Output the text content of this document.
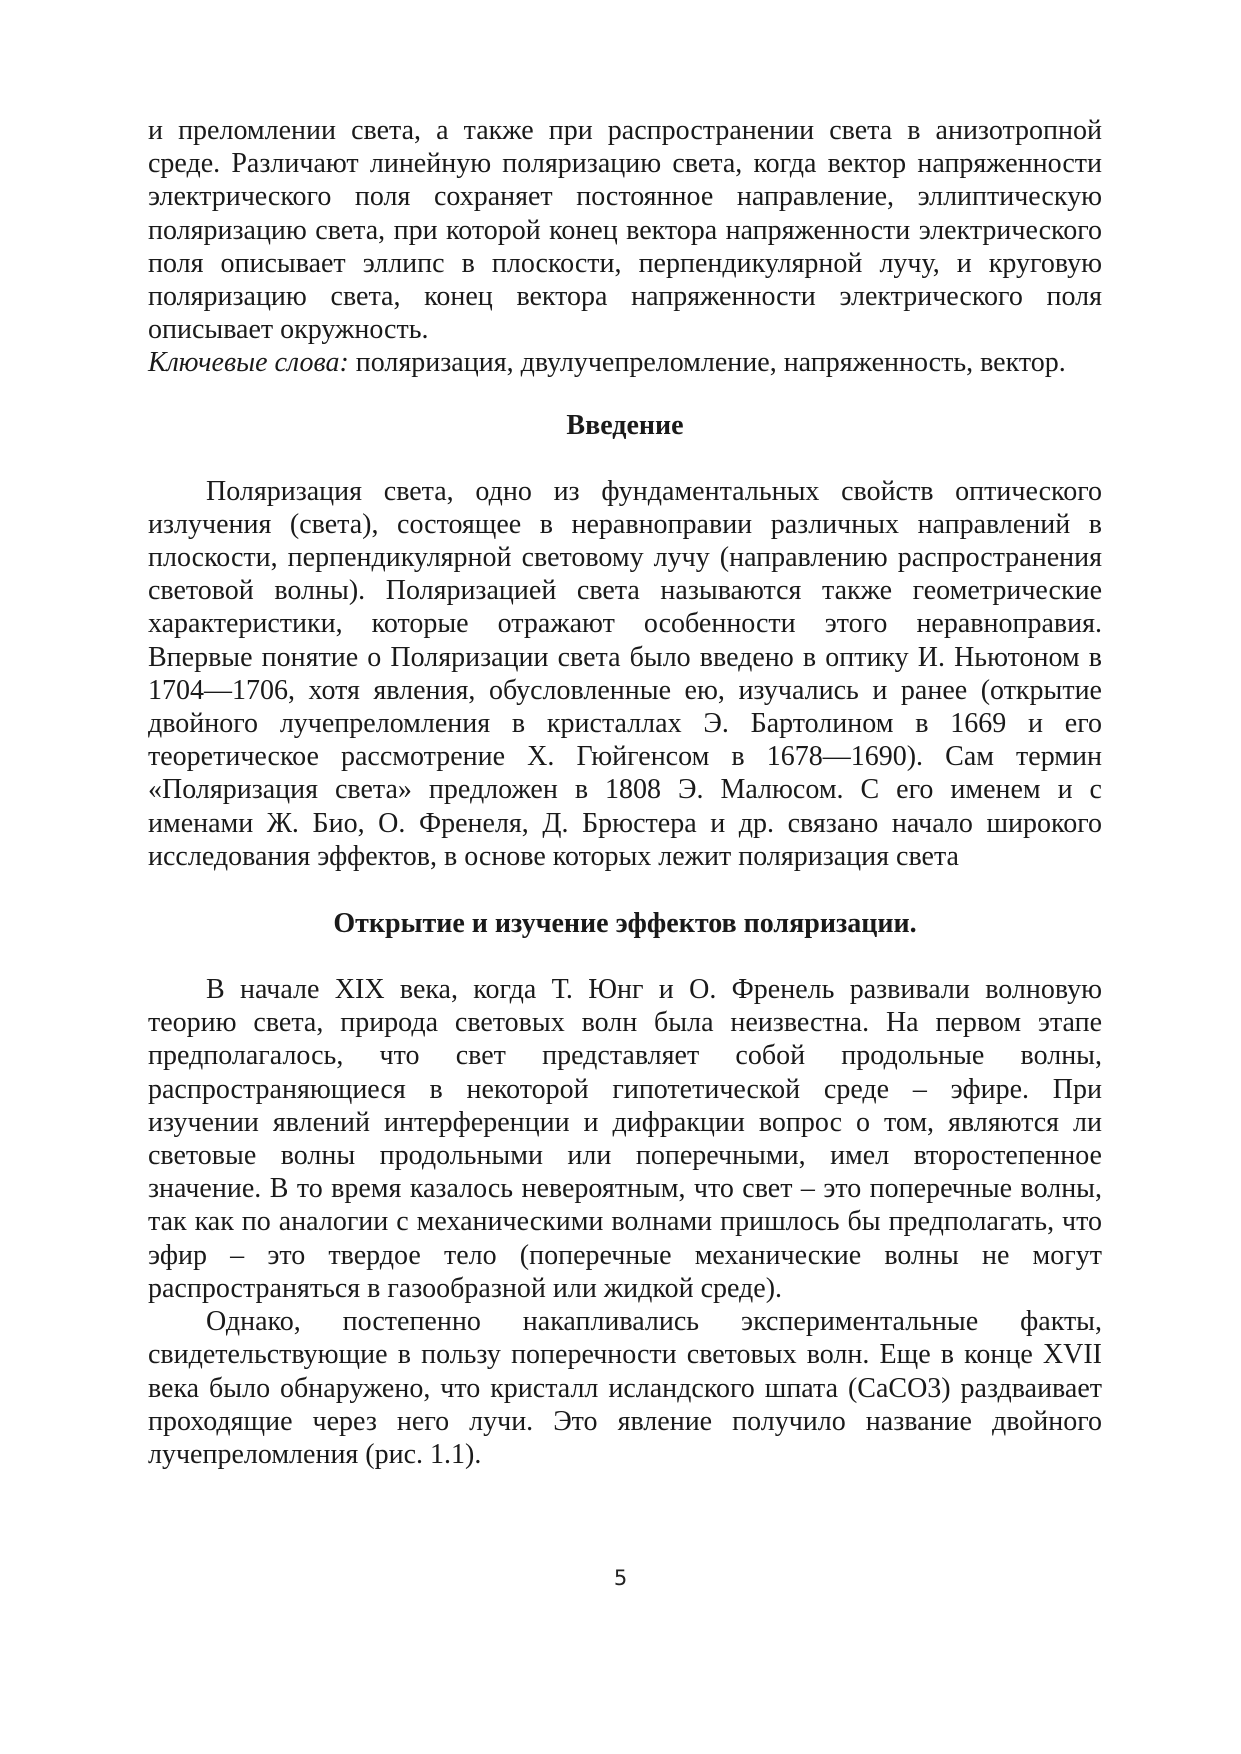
и преломлении света, а также при распространении света в анизотропной среде. Различают линейную поляризацию света, когда вектор напряженности электрического поля сохраняет постоянное направление, эллиптическую поляризацию света, при которой конец вектора напряженности электрического поля описывает эллипс в плоскости, перпендикулярной лучу, и круговую поляризацию света, конец вектора напряженности электрического поля описывает окружность.

Ключевые слова: поляризация, двулучепреломление, напряженность, вектор.

Введение

Поляризация света, одно из фундаментальных свойств оптического излучения (света), состоящее в неравноправии различных направлений в плоскости, перпендикулярной световому лучу (направлению распространения световой волны). Поляризацией света называются также геометрические характеристики, которые отражают особенности этого неравноправия. Впервые понятие о Поляризации света было введено в оптику И. Ньютоном в 1704—1706, хотя явления, обусловленные ею, изучались и ранее (открытие двойного лучепреломления в кристаллах Э. Бартолином в 1669 и его теоретическое рассмотрение Х. Гюйгенсом в 1678—1690). Сам термин «Поляризация света» предложен в 1808 Э. Малюсом. С его именем и с именами Ж. Био, О. Френеля, Д. Брюстера и др. связано начало широкого исследования эффектов, в основе которых лежит поляризация света

Открытие и изучение эффектов поляризации.

В начале XIX века, когда Т. Юнг и О. Френель развивали волновую теорию света, природа световых волн была неизвестна. На первом этапе предполагалось, что свет представляет собой продольные волны, распространяющиеся в некоторой гипотетической среде – эфире. При изучении явлений интерференции и дифракции вопрос о том, являются ли световые волны продольными или поперечными, имел второстепенное значение. В то время казалось невероятным, что свет – это поперечные волны, так как по аналогии с механическими волнами пришлось бы предполагать, что эфир – это твердое тело (поперечные механические волны не могут распространяться в газообразной или жидкой среде).

Однако, постепенно накапливались экспериментальные факты, свидетельствующие в пользу поперечности световых волн. Еще в конце XVII века было обнаружено, что кристалл исландского шпата (CaCO3) раздваивает проходящие через него лучи. Это явление получило название двойного лучепреломления (рис. 1.1).

5
